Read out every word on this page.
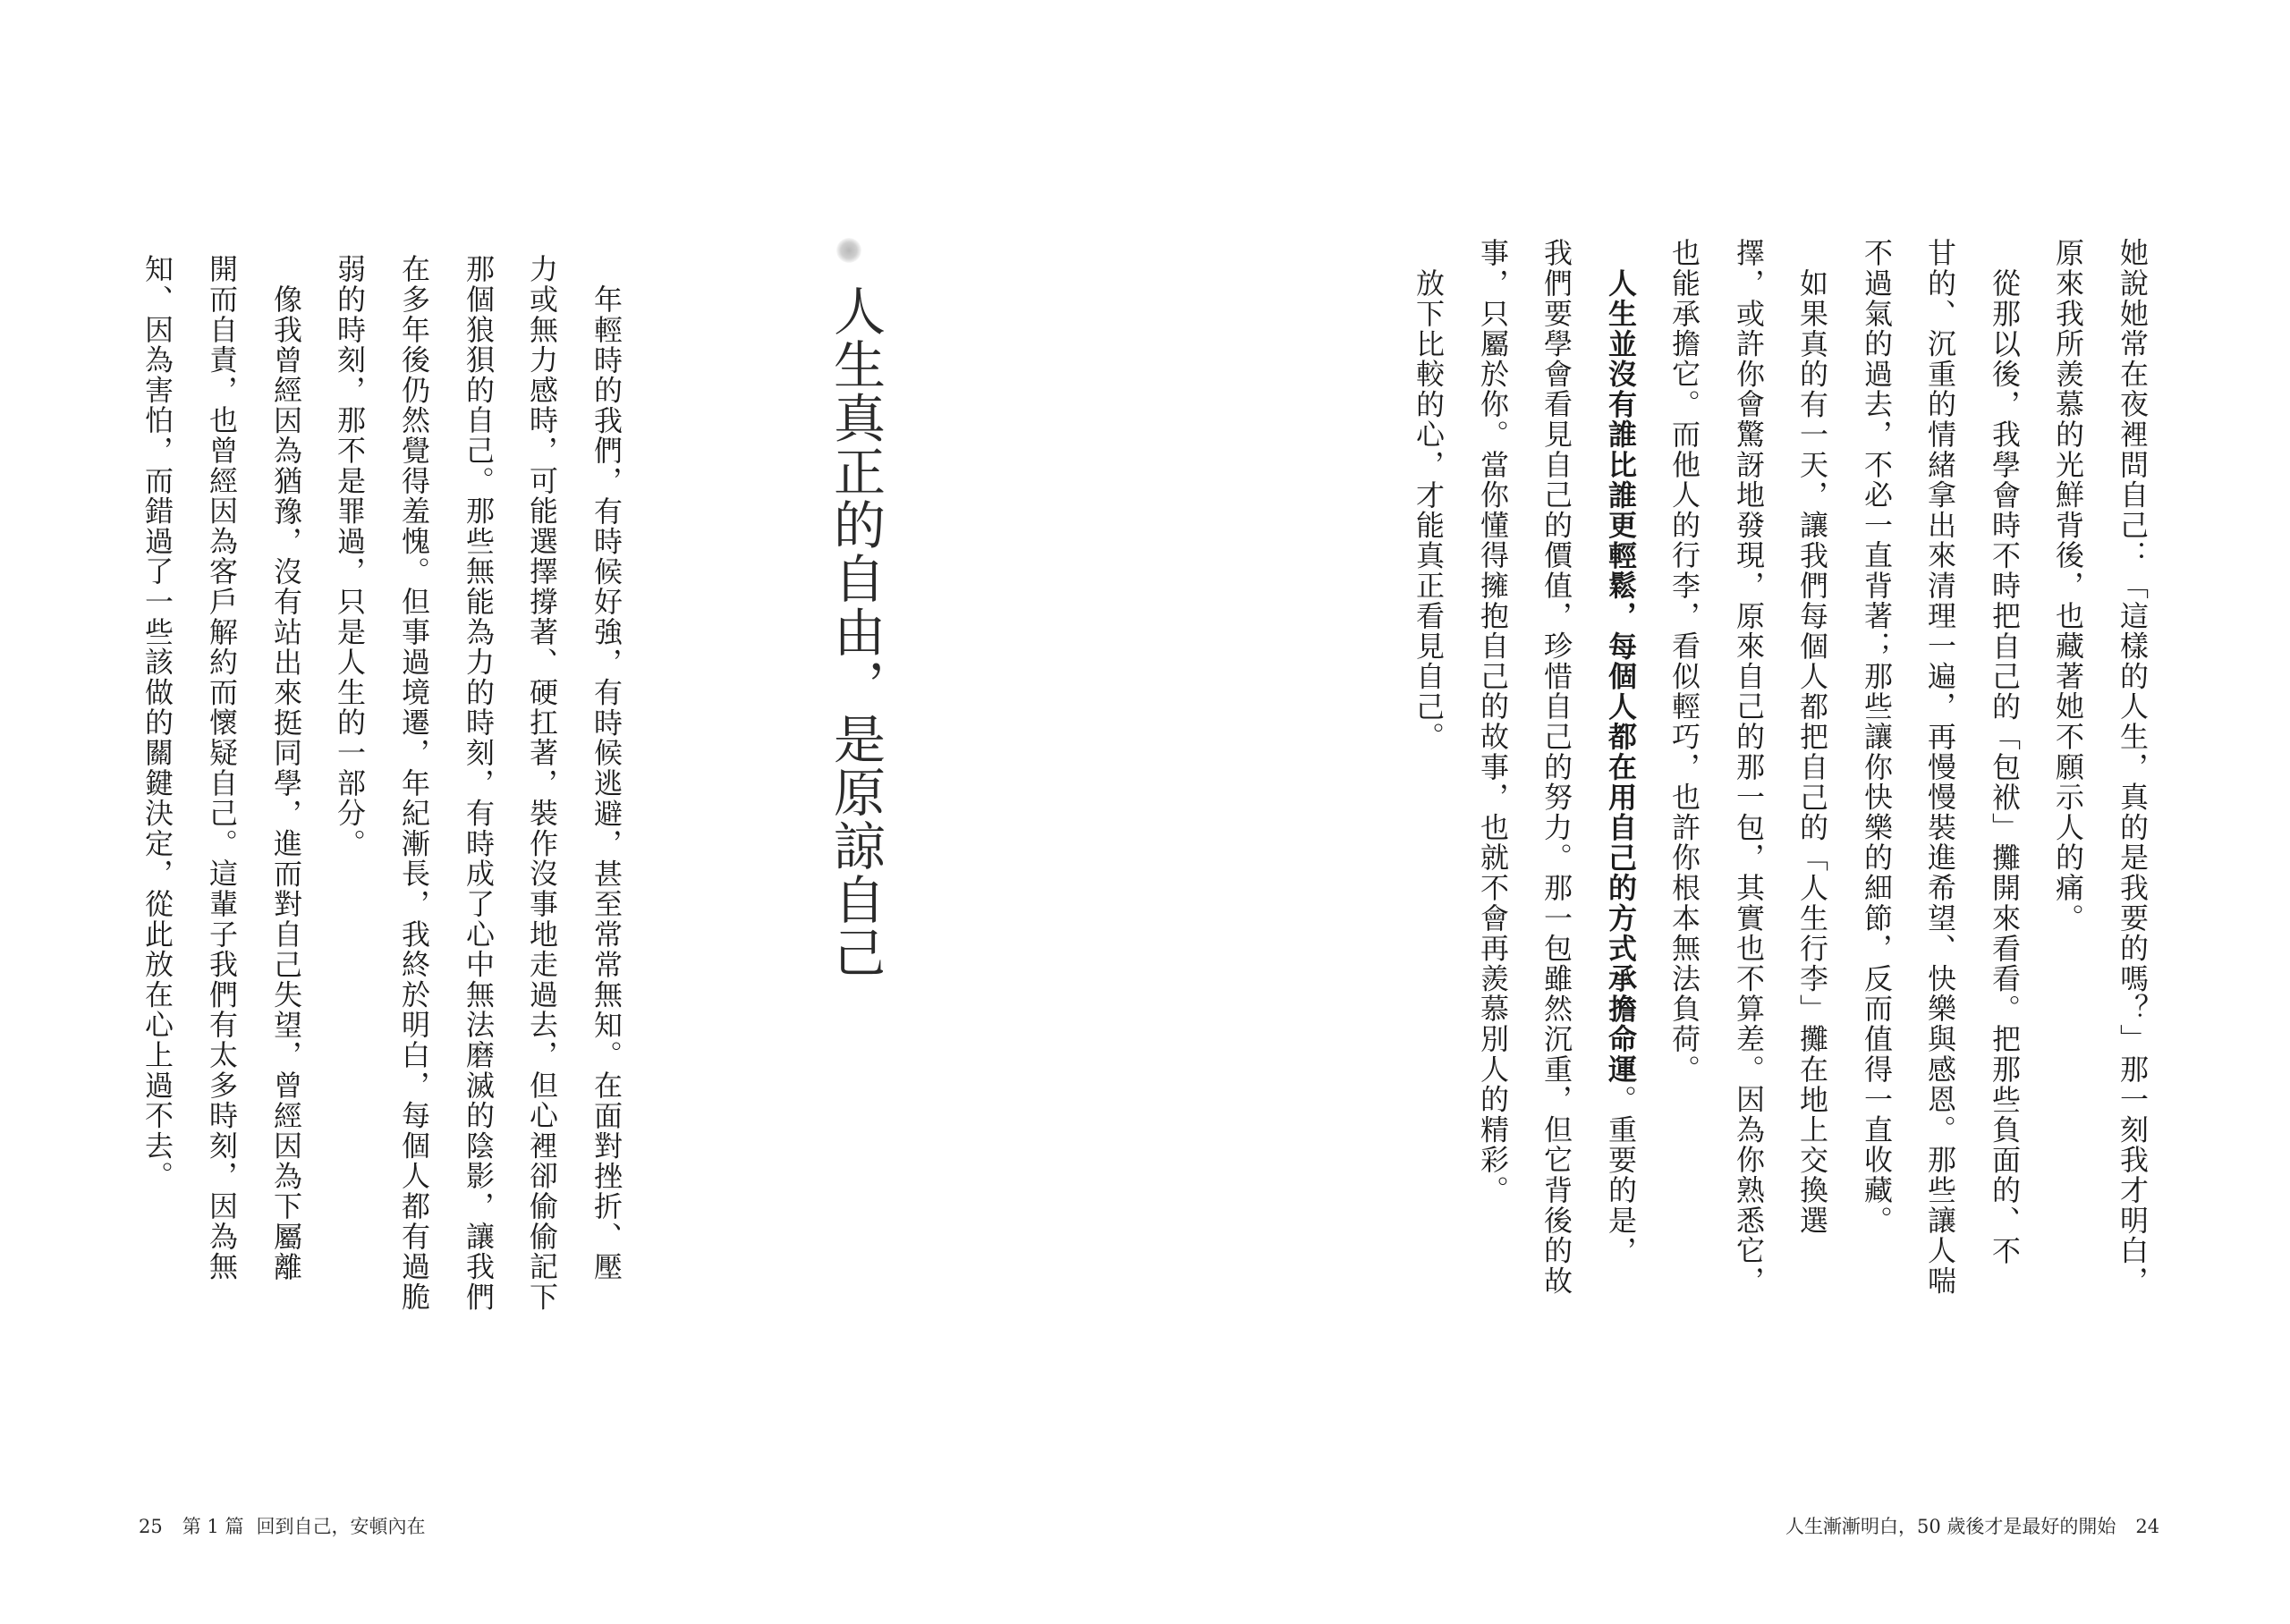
人生真正的自由，是原諒自己
年輕時的我們，有時候好強，有時候逃避，甚至常常無知。在面對挫折、壓
力或無力感時，可能選擇撐著、硬扛著，裝作沒事地走過去，但心裡卻偷偷記下
那個狼狽的自己。那些無能為力的時刻，有時成了心中無法磨滅的陰影，讓我們
在多年後仍然覺得羞愧。但事過境遷，年紀漸長，我終於明白，每個人都有過脆
弱的時刻，那不是罪過，只是人生的一部分。
像我曾經因為猶豫，沒有站出來挺同學，進而對自己失望，曾經因為下屬離
開而自責，也曾經因為客戶解約而懷疑自己。這輩子我們有太多時刻，因為無
知、因為害怕，而錯過了一些該做的關鍵決定，從此放在心上過不去。
25 第 1 篇 回到自己，安頓內在
她說她常在夜裡問自己：「這樣的人生，真的是我要的嗎？」那一刻我才明白，
原來我所羨慕的光鮮背後，也藏著她不願示人的痛。
從那以後，我學會時不時把自己的「包袱」攤開來看看。把那些負面的、不
甘的、沉重的情緒拿出來清理一遍，再慢慢裝進希望、快樂與感恩。那些讓人喘
不過氣的過去，不必一直背著；那些讓你快樂的細節，反而值得一直收藏。
如果真的有一天，讓我們每個人都把自己的「人生行李」攤在地上交換選
擇，或許你會驚訝地發現，原來自己的那一包，其實也不算差。因為你熟悉它，
也能承擔它。而他人的行李，看似輕巧，也許你根本無法負荷。
人生並沒有誰比誰更輕鬆，每個人都在用自己的方式承擔命運。重要的是，
我們要學會看見自己的價值，珍惜自己的努力。那一包雖然沉重，但它背後的故
事，只屬於你。當你懂得擁抱自己的故事，也就不會再羨慕別人的精彩。
放下比較的心，才能真正看見自己。
人生漸漸明白，50 歲後才是最好的開始 24
